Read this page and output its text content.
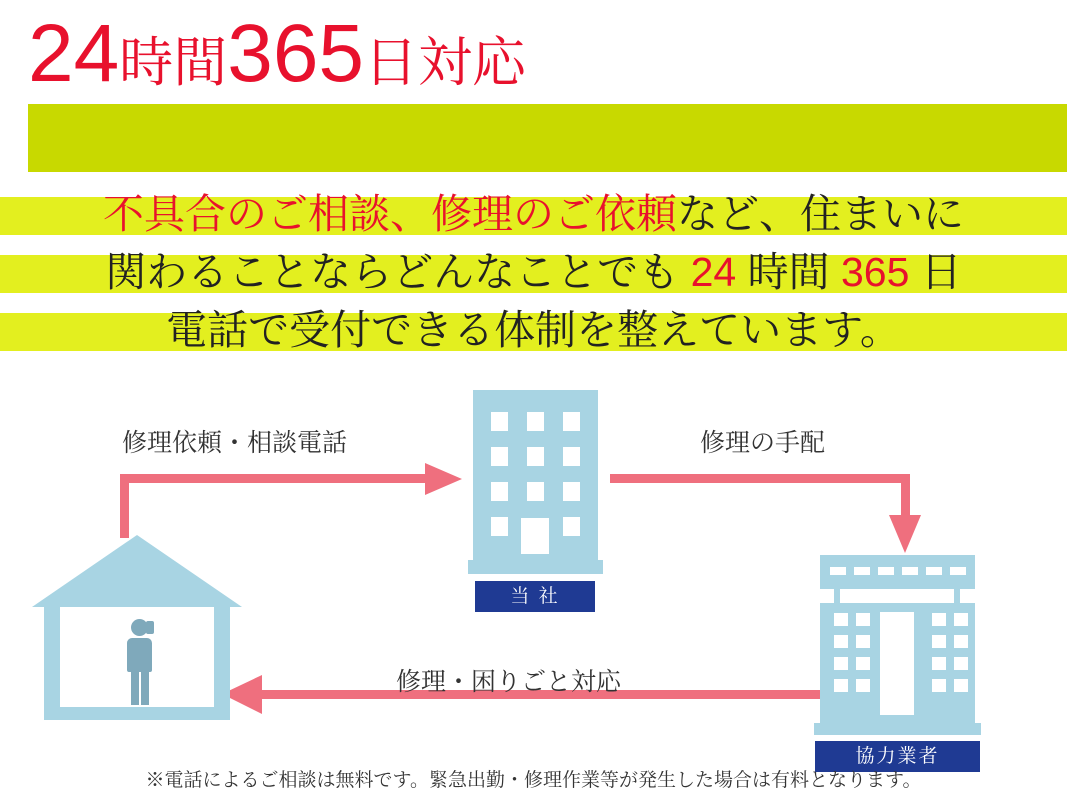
24時間365日対応
不具合のご相談、修理のご依頼など、住まいに
関わることならどんなことでも 24 時間 365 日
電話で受付できる体制を整えています。
当 社
協力業者
修理依頼・相談電話	修理の手配
修理・困りごと対応
※電話によるご相談は無料です。緊急出勤・修理作業等が発生した場合は有料となります。
